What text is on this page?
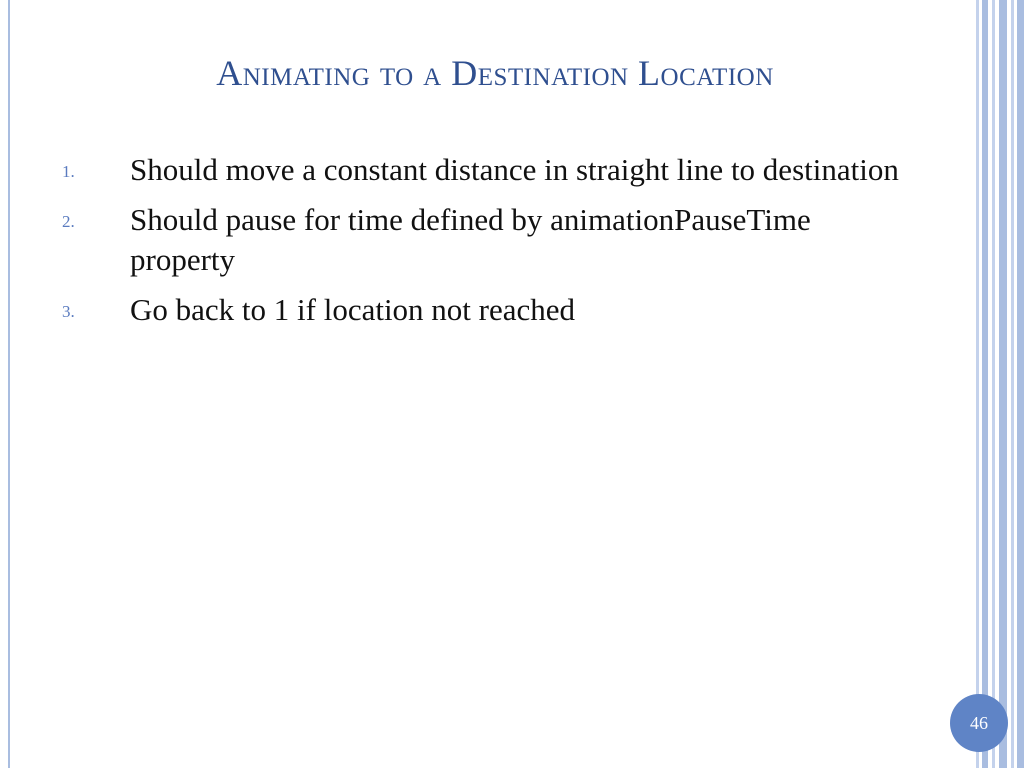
Animating to a Destination Location
1.	Should move a constant distance in straight line to destination
2.	Should pause for time defined by animationPauseTime property
3.	Go back to 1 if location not reached
46
